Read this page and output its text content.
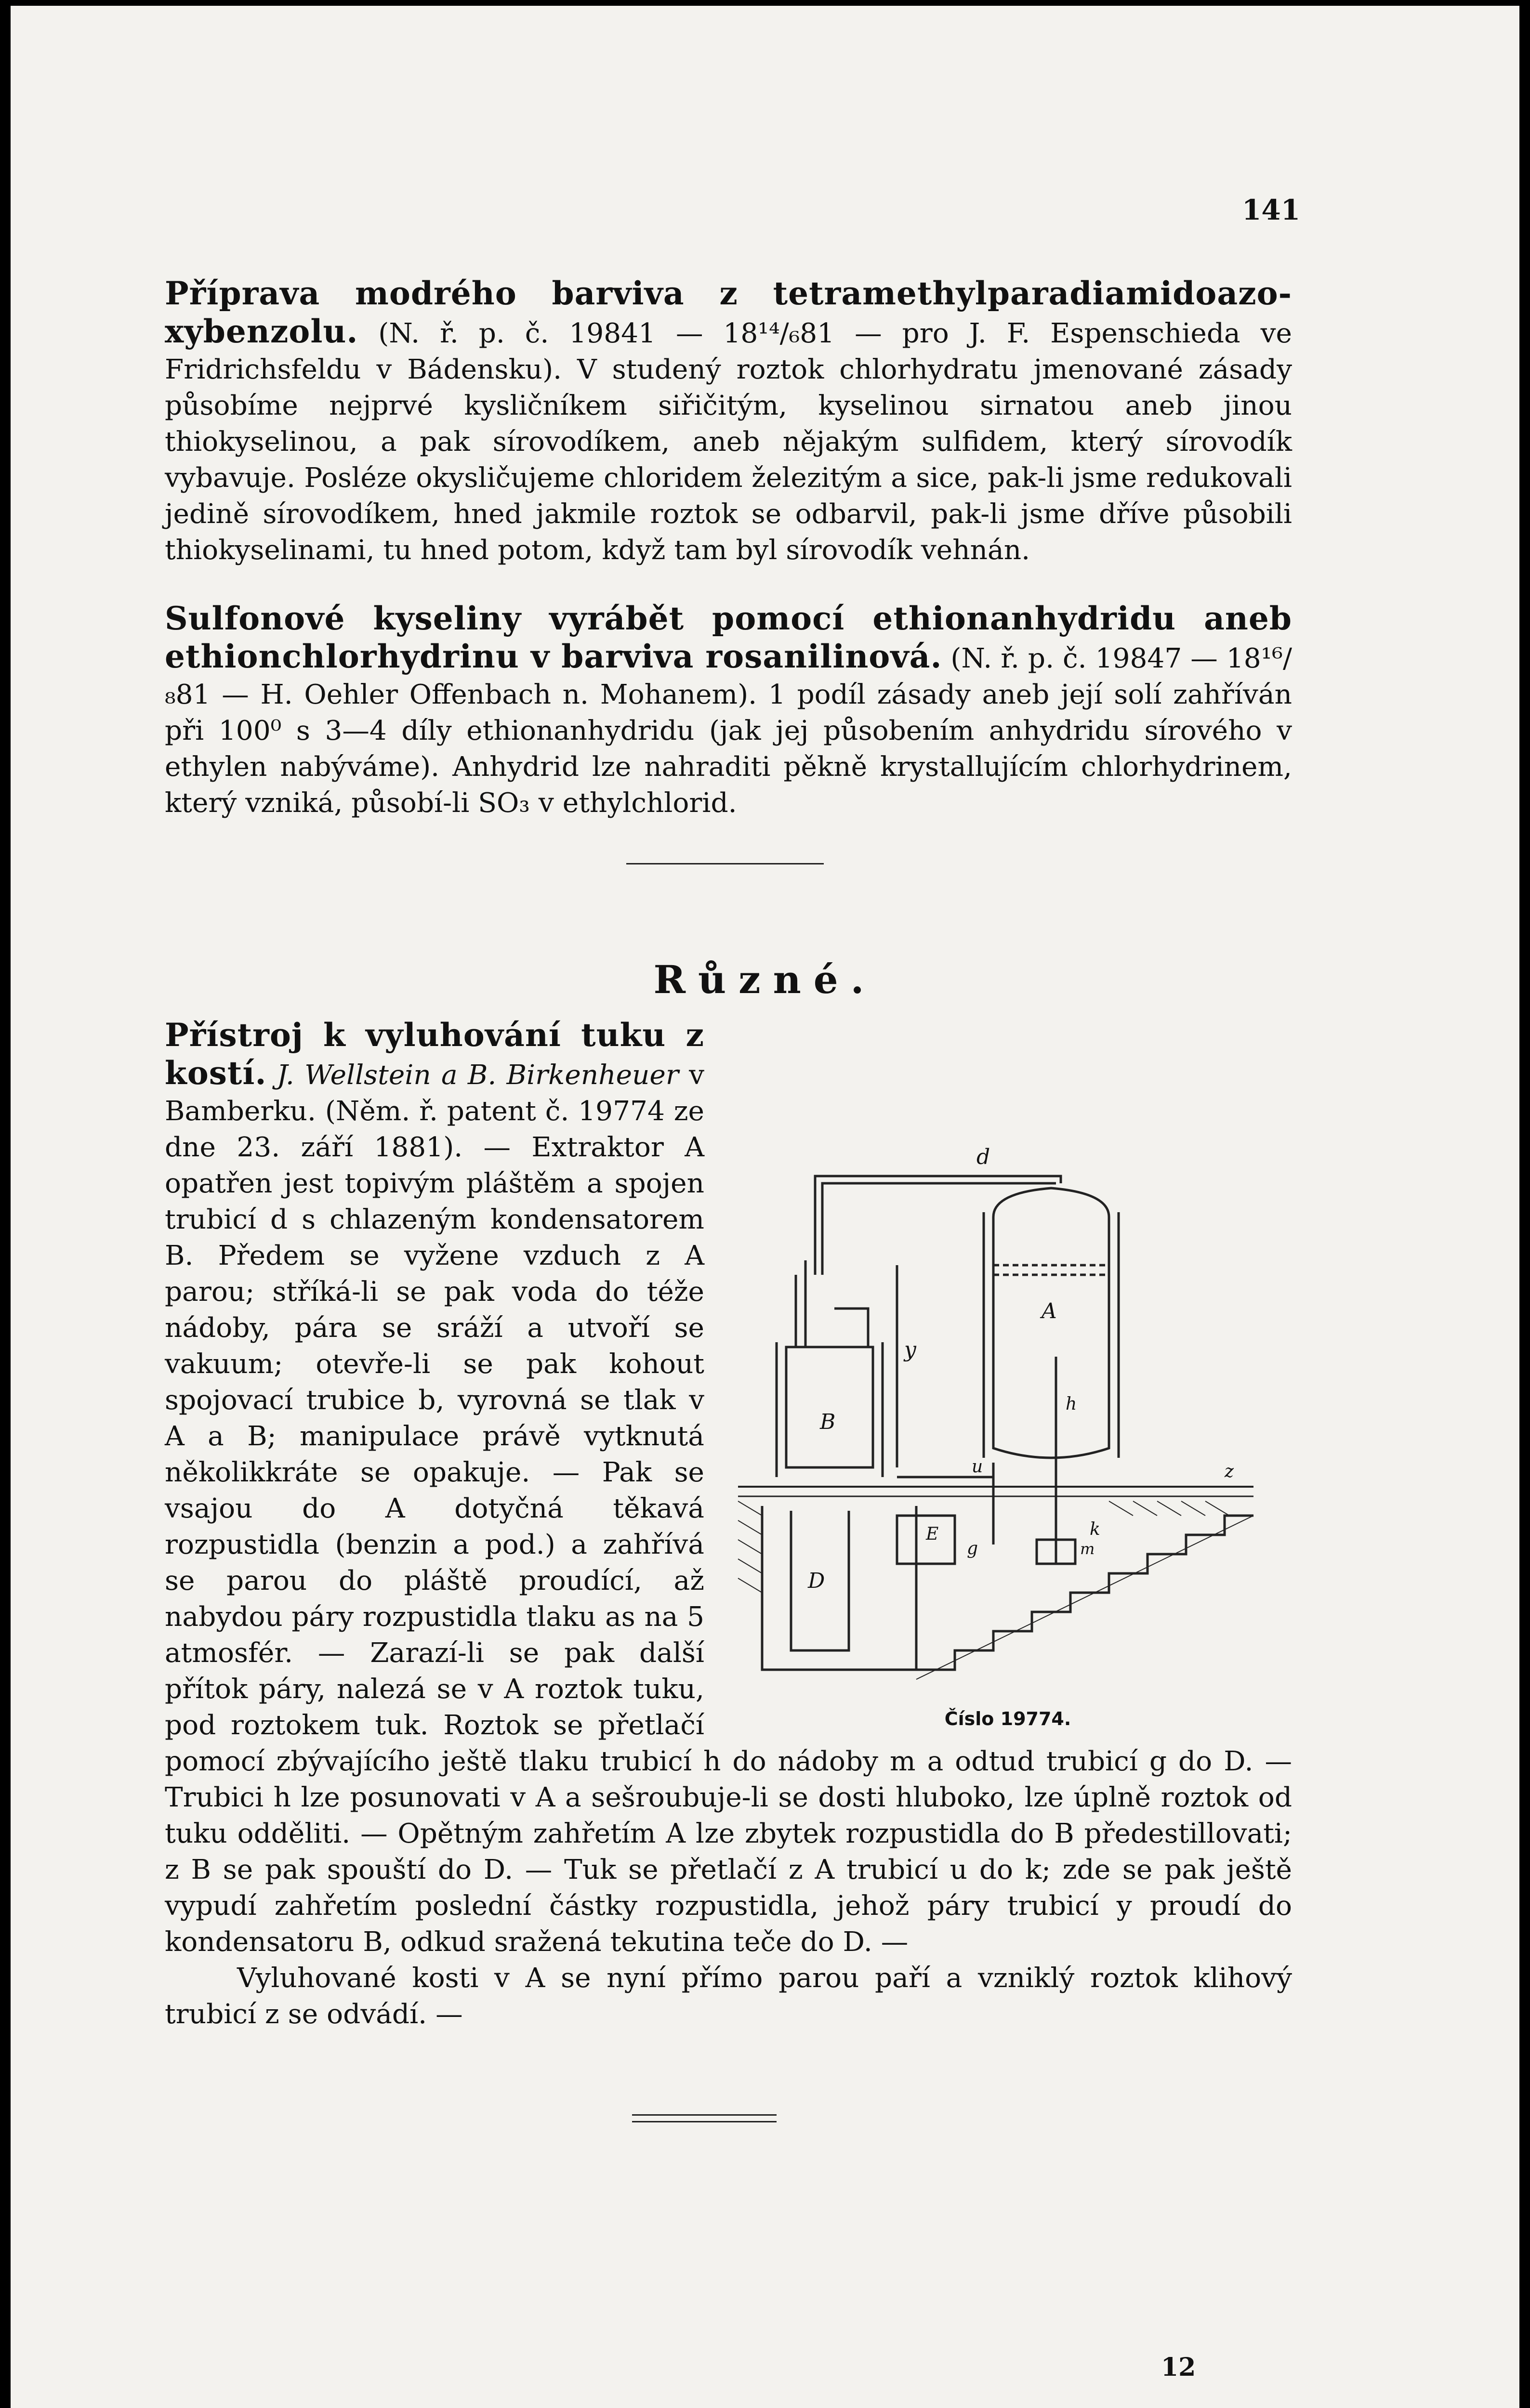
141
Příprava modrého barviva z tetramethylparadiamidoazo-xybenzolu. (N. ř. p. č. 19841 — 18¹⁴/₆81 — pro J. F. Espenschieda ve Fridrichsfeldu v Bádensku). V studený roztok chlorhydratu jmenované zásady působíme nejprvé kysličníkem siřičitým, kyselinou sirnatou aneb jinou thiokyselinou, a pak sírovodíkem, aneb nějakým sulfidem, který sírovodík vybavuje. Posléze okysličujeme chloridem železitým a sice, pak-li jsme redukovali jedině sírovodíkem, hned jakmile roztok se odbarvil, pak-li jsme dříve působili thiokyselinami, tu hned potom, když tam byl sírovodík vehnán.
Sulfonové kyseliny vyrábět pomocí ethionanhydridu aneb ethionchlorhydrinu v barviva rosanilinová. (N. ř. p. č. 19847 — 18¹⁶/₈81 — H. Oehler Offenbach n. Mohanem). 1 podíl zásady aneb její solí zahříván při 100⁰ s 3—4 díly ethionanhydridu (jak jej působením anhydridu sírového v ethylen nabýváme). Anhydrid lze nahraditi pěkně krystallujícím chlorhydrinem, který vzniká, působí-li SO₃ v ethylchlorid.
Různé.
d
A
y
B
u
h
k
z
E
g
D
m
Číslo 19774.
Přístroj k vyluhování tuku z kostí. J. Wellstein a B. Birkenheuer v Bamberku. (Něm. ř. patent č. 19774 ze dne 23. září 1881). — Extraktor A opatřen jest topivým pláštěm a spojen trubicí d s chlazeným kondensatorem B. Předem se vyžene vzduch z A parou; stříká-li se pak voda do téže nádoby, pára se sráží a utvoří se vakuum; otevře-li se pak kohout spojovací trubice b, vyrovná se tlak v A a B; manipulace právě vytknutá několikkráte se opakuje. — Pak se vsajou do A dotyčná těkavá rozpustidla (benzin a pod.) a zahřívá se parou do pláště proudící, až nabydou páry rozpustidla tlaku as na 5 atmosfér. — Zarazí-li se pak další přítok páry, nalezá se v A roztok tuku, pod roztokem tuk. Roztok se přetlačí pomocí zbývajícího ještě tlaku trubicí h do nádoby m a odtud trubicí g do D. — Trubici h lze posunovati v A a sešroubuje-li se dosti hluboko, lze úplně roztok od tuku odděliti. — Opětným zahřetím A lze zbytek rozpustidla do B předestillovati; z B se pak spouští do D. — Tuk se přetlačí z A trubicí u do k; zde se pak ještě vypudí zahřetím poslední částky rozpustidla, jehož páry trubicí y proudí do kondensatoru B, odkud sražená tekutina teče do D. —
Vyluhované kosti v A se nyní přímo parou paří a vzniklý roztok klihový trubicí z se odvádí. —
12
